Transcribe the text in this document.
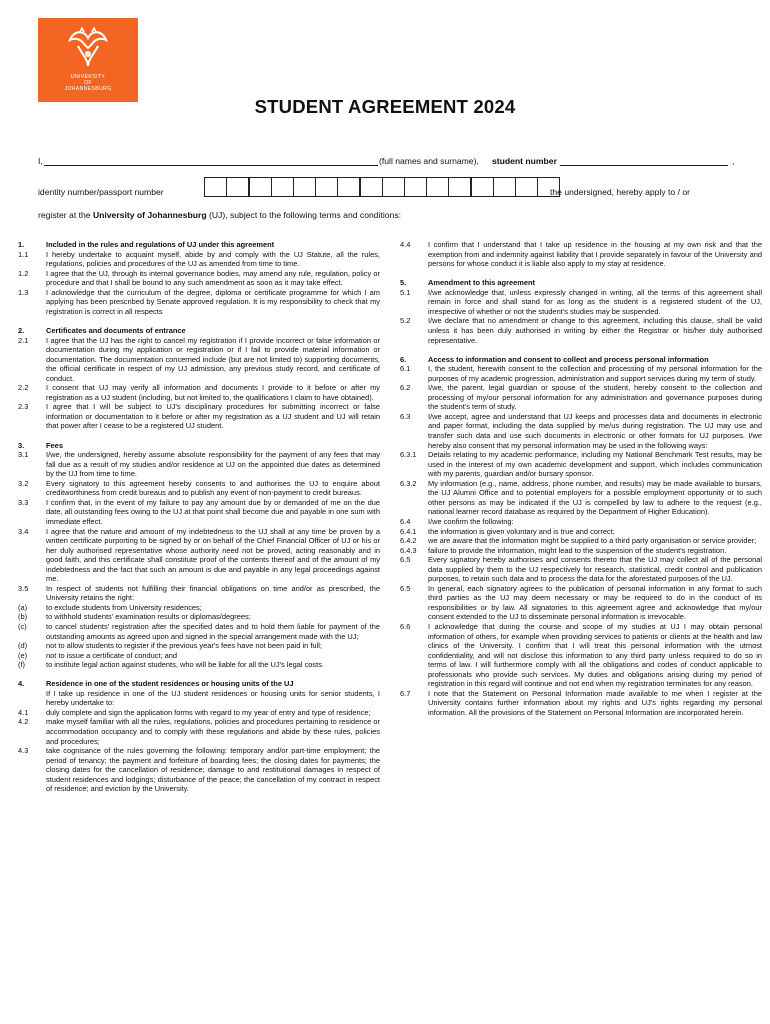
UNIVERSITY
OF
JOHANNESBURG
STUDENT AGREEMENT 2024
I,	(full names and surname), student number	,
identity number/passport number	the undersigned, hereby apply to / or
register at the University of Johannesburg (UJ), subject to the following terms and conditions:
1.	Included in the rules and regulations of UJ under this agreement
1.1	I hereby undertake to acquaint myself, abide by and comply with the UJ Statute, all the rules, regulations, policies and procedures of the UJ as amended from time to time.
1.2	I agree that the UJ, through its internal governance bodies, may amend any rule, regulation, policy or procedure and that I shall be bound to any such amendment as soon as it may take effect.
1.3	I acknowledge that the curriculum of the degree, diploma or certificate programme for which I am applying has been prescribed by Senate approved regulation. It is my responsibility to check that my registration is correct in all respects
2.	Certificates and documents of entrance
2.1	I agree that the UJ has the right to cancel my registration if I provide incorrect or false information or documentation during my application or registration or if I fail to provide material information or documentation. The documentation concerned include (but are not limited to) supporting documents, the official certificate in respect of my UJ admission, any previous study record, and certificate of conduct.
2.2	I consent that UJ may verify all information and documents I provide to it before or after my registration as a UJ student (including, but not limited to, the qualifications I claim to have obtained).
2.3	I agree that I will be subject to UJ's disciplinary procedures for submitting incorrect or false information or documentation to it before or after my registration as a UJ student and UJ will retain that power after I cease to be a registered UJ student.
3.	Fees
3.1	I/we, the undersigned, hereby assume absolute responsibility for the payment of any fees that may fall due as a result of my studies and/or residence at UJ on the appointed due dates as determined by the UJ from time to time.
3.2	Every signatory to this agreement hereby consents to and authorises the UJ to enquire about creditworthiness from credit bureaus and to publish any event of non-payment to credit bureaus.
3.3	I confirm that, in the event of my failure to pay any amount due by or demanded of me on the due date, all outstanding fees owing to the UJ at that point shall become due and payable in one sum with immediate effect.
3.4	I agree that the nature and amount of my indebtedness to the UJ shall at any time be proven by a written certificate purporting to be signed by or on behalf of the Chief Financial Officer of UJ or his or her duly authorised representative whose authority need not be proved, acting reasonably and in good faith, and this certificate shall constitute proof of the contents thereof and of the amount of my indebtedness and the fact that such an amount is due and payable in any legal proceedings against me.
3.5	In respect of students not fulfilling their financial obligations on time and/or as prescribed, the University retains the right:
(a)	to exclude students from University residences;
(b)	to withhold students' examination results or diplomas/degrees;
(c)	to cancel students' registration after the specified dates and to hold them liable for payment of the outstanding amounts as agreed upon and signed in the special arrangement made with the UJ;
(d)	not to allow students to register if the previous year's fees have not been paid in full;
(e)	not to issue a certificate of conduct; and
(f)	to institute legal action against students, who will be liable for all the UJ's legal costs.
4.	Residence in one of the student residences or housing units of the UJ
If I take up residence in one of the UJ student residences or housing units for senior students, I hereby undertake to:
4.1	duly complete and sign the application forms with regard to my year of entry and type of residence;
4.2	make myself familiar with all the rules, regulations, policies and procedures pertaining to residence or accommodation occupancy and to comply with these regulations and abide by these rules, policies and procedures;
4.3	take cognisance of the rules governing the following: temporary and/or part-time employment; the period of tenancy; the payment and forfeiture of boarding fees; the closing dates for payments; the closing dates for the cancellation of residence; damage to and restitutional damages in respect of student residences and lodgings; disturbance of the peace; the cancellation of my contract in respect of residence; and eviction by the University.
4.4	I confirm that I understand that I take up residence in the housing at my own risk and that the exemption from and indemnity against liability that I provide separately in favour of the University and persons for whose conduct it is liable also apply to my stay at residence.
5.	Amendment to this agreement
5.1	I/we acknowledge that, unless expressly changed in writing, all the terms of this agreement shall remain in force and shall stand for as long as the student is a registered student of the UJ, irrespective of whether or not the student's studies may be suspended.
5.2	I/we declare that no amendment or change to this agreement, including this clause, shall be valid unless it has been duly authorised in writing by either the Registrar or his/her duly authorised representative.
6.	Access to information and consent to collect and process personal information
6.1	I, the student, herewith consent to the collection and processing of my personal information for the purposes of my academic progression, administration and support services during my term of study.
6.2	I/we, the parent, legal guardian or spouse of the student, hereby consent to the collection and processing of my/our personal information for any administration and governance purposes during the student's term of study.
6.3	I/we accept, agree and understand that UJ keeps and processes data and documents in electronic and paper format, including the data supplied by me/us during registration. The UJ may use and transfer such data and use such documents in electronic or other formats for UJ purposes. I/we hereby also consent that my personal information may be used in the following ways:
6.3.1	Details relating to my academic performance, including my National Benchmark Test results, may be used in the interest of my own academic development and support, which includes communication with my parents, guardian and/or bursary sponsor.
6.3.2	My information (e.g., name, address, phone number, and results) may be made available to bursars, the UJ Alumni Office and to potential employers for a possible employment opportunity or to such other persons as may be indicated if the UJ is compelled by law to adhere to the request (e.g., national learner record database as required by the Department of Higher Education).
6.4	I/we confirm the following:
6.4.1	the information is given voluntary and is true and correct;
6.4.2	we are aware that the information might be supplied to a third party organisation or service provider;
6.4.3	failure to provide the information, might lead to the suspension of the student's registration.
6.5	Every signatory hereby authorises and consents thereto that the UJ may collect all of the personal data supplied by them to the UJ respectively for research, statistical, credit control and publication purposes, to retain such data and to process the data for the aforestated purposes of the UJ.
6.5	In general, each signatory agrees to the publication of personal information in any format to such third parties as the UJ may deem necessary or may be required to do in the conduct of its responsibilities or by law. All signatories to this agreement agree and acknowledge that my/our consent extended to the UJ to disseminate personal information is irrevocable.
6.6	I acknowledge that during the course and scope of my studies at UJ I may obtain personal information of others, for example when providing services to patients or clients at the health and law clinics of the University. I confirm that I will treat this personal information with the utmost confidentiality, and will not disclose this information to any third party unless required to do so in terms of law. I will furthermore comply with all the obligations and codes of conduct applicable to professionals who provide such services. My duties and obligations arising during my period of registration in this regard will continue and not end when my registration terminates for any reason.
6.7	I note that the Statement on Personal Information made available to me when I register at the University contains further information about my rights and UJ's rights regarding my personal information. All the provisions of the Statement on Personal Information are incorporated herein.
